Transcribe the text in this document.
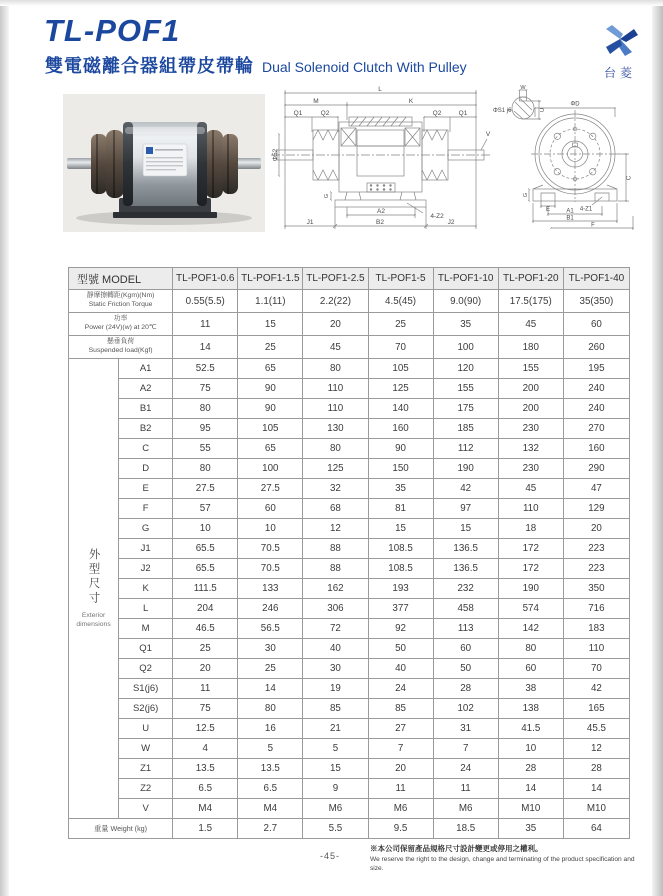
TL-POF1
雙電磁離合器組帶皮帶輪 Dual Solenoid Clutch With Pulley	台菱
L
M	K
Q1	Q2	Q2	Q1
Φ52
A2
J1	B2	J2
4-Z2
G
V
W
U
ΦS1 j6
ΦD
C
G
E	4-Z1
A1
B1
F
型號 MODEL		TL-POF1-0.6	TL-POF1-1.5	TL-POF1-2.5	TL-POF1-5	TL-POF1-10	TL-POF1-20	TL-POF1-40
靜摩擦轉距(Kgm)(Nm)
Static Friction Torque		0.55(5.5)	1.1(11)	2.2(22)	4.5(45)	9.0(90)	17.5(175)	35(350)
功率
Power (24V)(w) at 20℃		11	15	20	25	35	45	60
懸垂負荷
Suspended load(Kgf)		14	25	45	70	100	180	260
外型尺寸
Exterior dimensions	A1	52.5	65	80	105	120	155	195
	A2	75	90	110	125	155	200	240
	B1	80	90	110	140	175	200	240
	B2	95	105	130	160	185	230	270
	C	55	65	80	90	112	132	160
	D	80	100	125	150	190	230	290
	E	27.5	27.5	32	35	42	45	47
	F	57	60	68	81	97	110	129
	G	10	10	12	15	15	18	20
	J1	65.5	70.5	88	108.5	136.5	172	223
	J2	65.5	70.5	88	108.5	136.5	172	223
	K	111.5	133	162	193	232	190	350
	L	204	246	306	377	458	574	716
	M	46.5	56.5	72	92	113	142	183
	Q1	25	30	40	50	60	80	110
	Q2	20	25	30	40	50	60	70
	S1(j6)	11	14	19	24	28	38	42
	S2(j6)	75	80	85	85	102	138	165
	U	12.5	16	21	27	31	41.5	45.5
	W	4	5	5	7	7	10	12
	Z1	13.5	13.5	15	20	24	28	28
	Z2	6.5	6.5	9	11	11	14	14
	V	M4	M4	M6	M6	M6	M10	M10
重量 Weight (kg)		1.5	2.7	5.5	9.5	18.5	35	64
-45-
※本公司保留產品規格尺寸設計變更或停用之權利。
We reserve the right to the design, change and terminating of the product specification and size.
